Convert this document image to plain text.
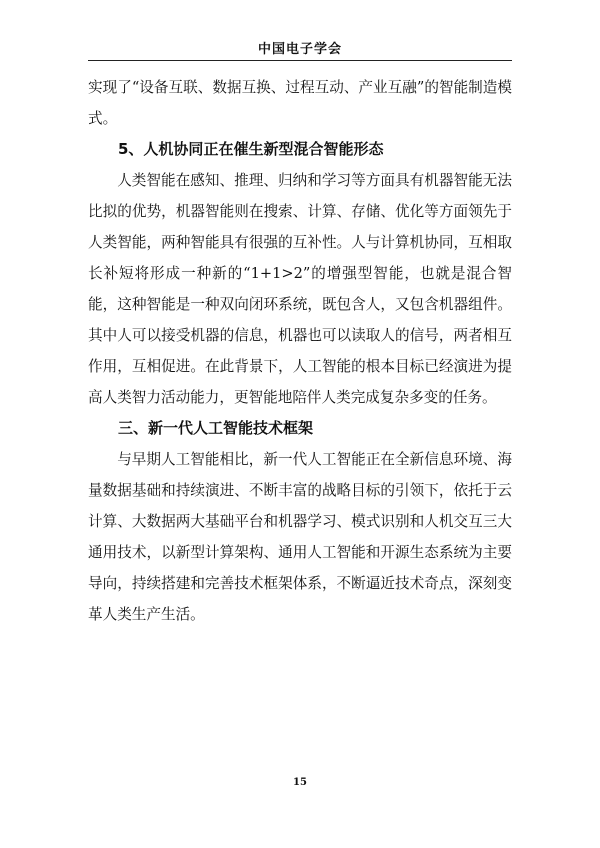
中国电子学会

实现了“设备互联、数据互换、过程互动、产业互融”的智能制造模式。

5、人机协同正在催生新型混合智能形态

人类智能在感知、推理、归纳和学习等方面具有机器智能无法比拟的优势，机器智能则在搜索、计算、存储、优化等方面领先于人类智能，两种智能具有很强的互补性。人与计算机协同，互相取长补短将形成一种新的“1+1>2”的增强型智能，也就是混合智能，这种智能是一种双向闭环系统，既包含人，又包含机器组件。其中人可以接受机器的信息，机器也可以读取人的信号，两者相互作用，互相促进。在此背景下，人工智能的根本目标已经演进为提高人类智力活动能力，更智能地陪伴人类完成复杂多变的任务。

三、新一代人工智能技术框架

与早期人工智能相比，新一代人工智能正在全新信息环境、海量数据基础和持续演进、不断丰富的战略目标的引领下，依托于云计算、大数据两大基础平台和机器学习、模式识别和人机交互三大通用技术，以新型计算架构、通用人工智能和开源生态系统为主要导向，持续搭建和完善技术框架体系，不断逼近技术奇点，深刻变革人类生产生活。

15
